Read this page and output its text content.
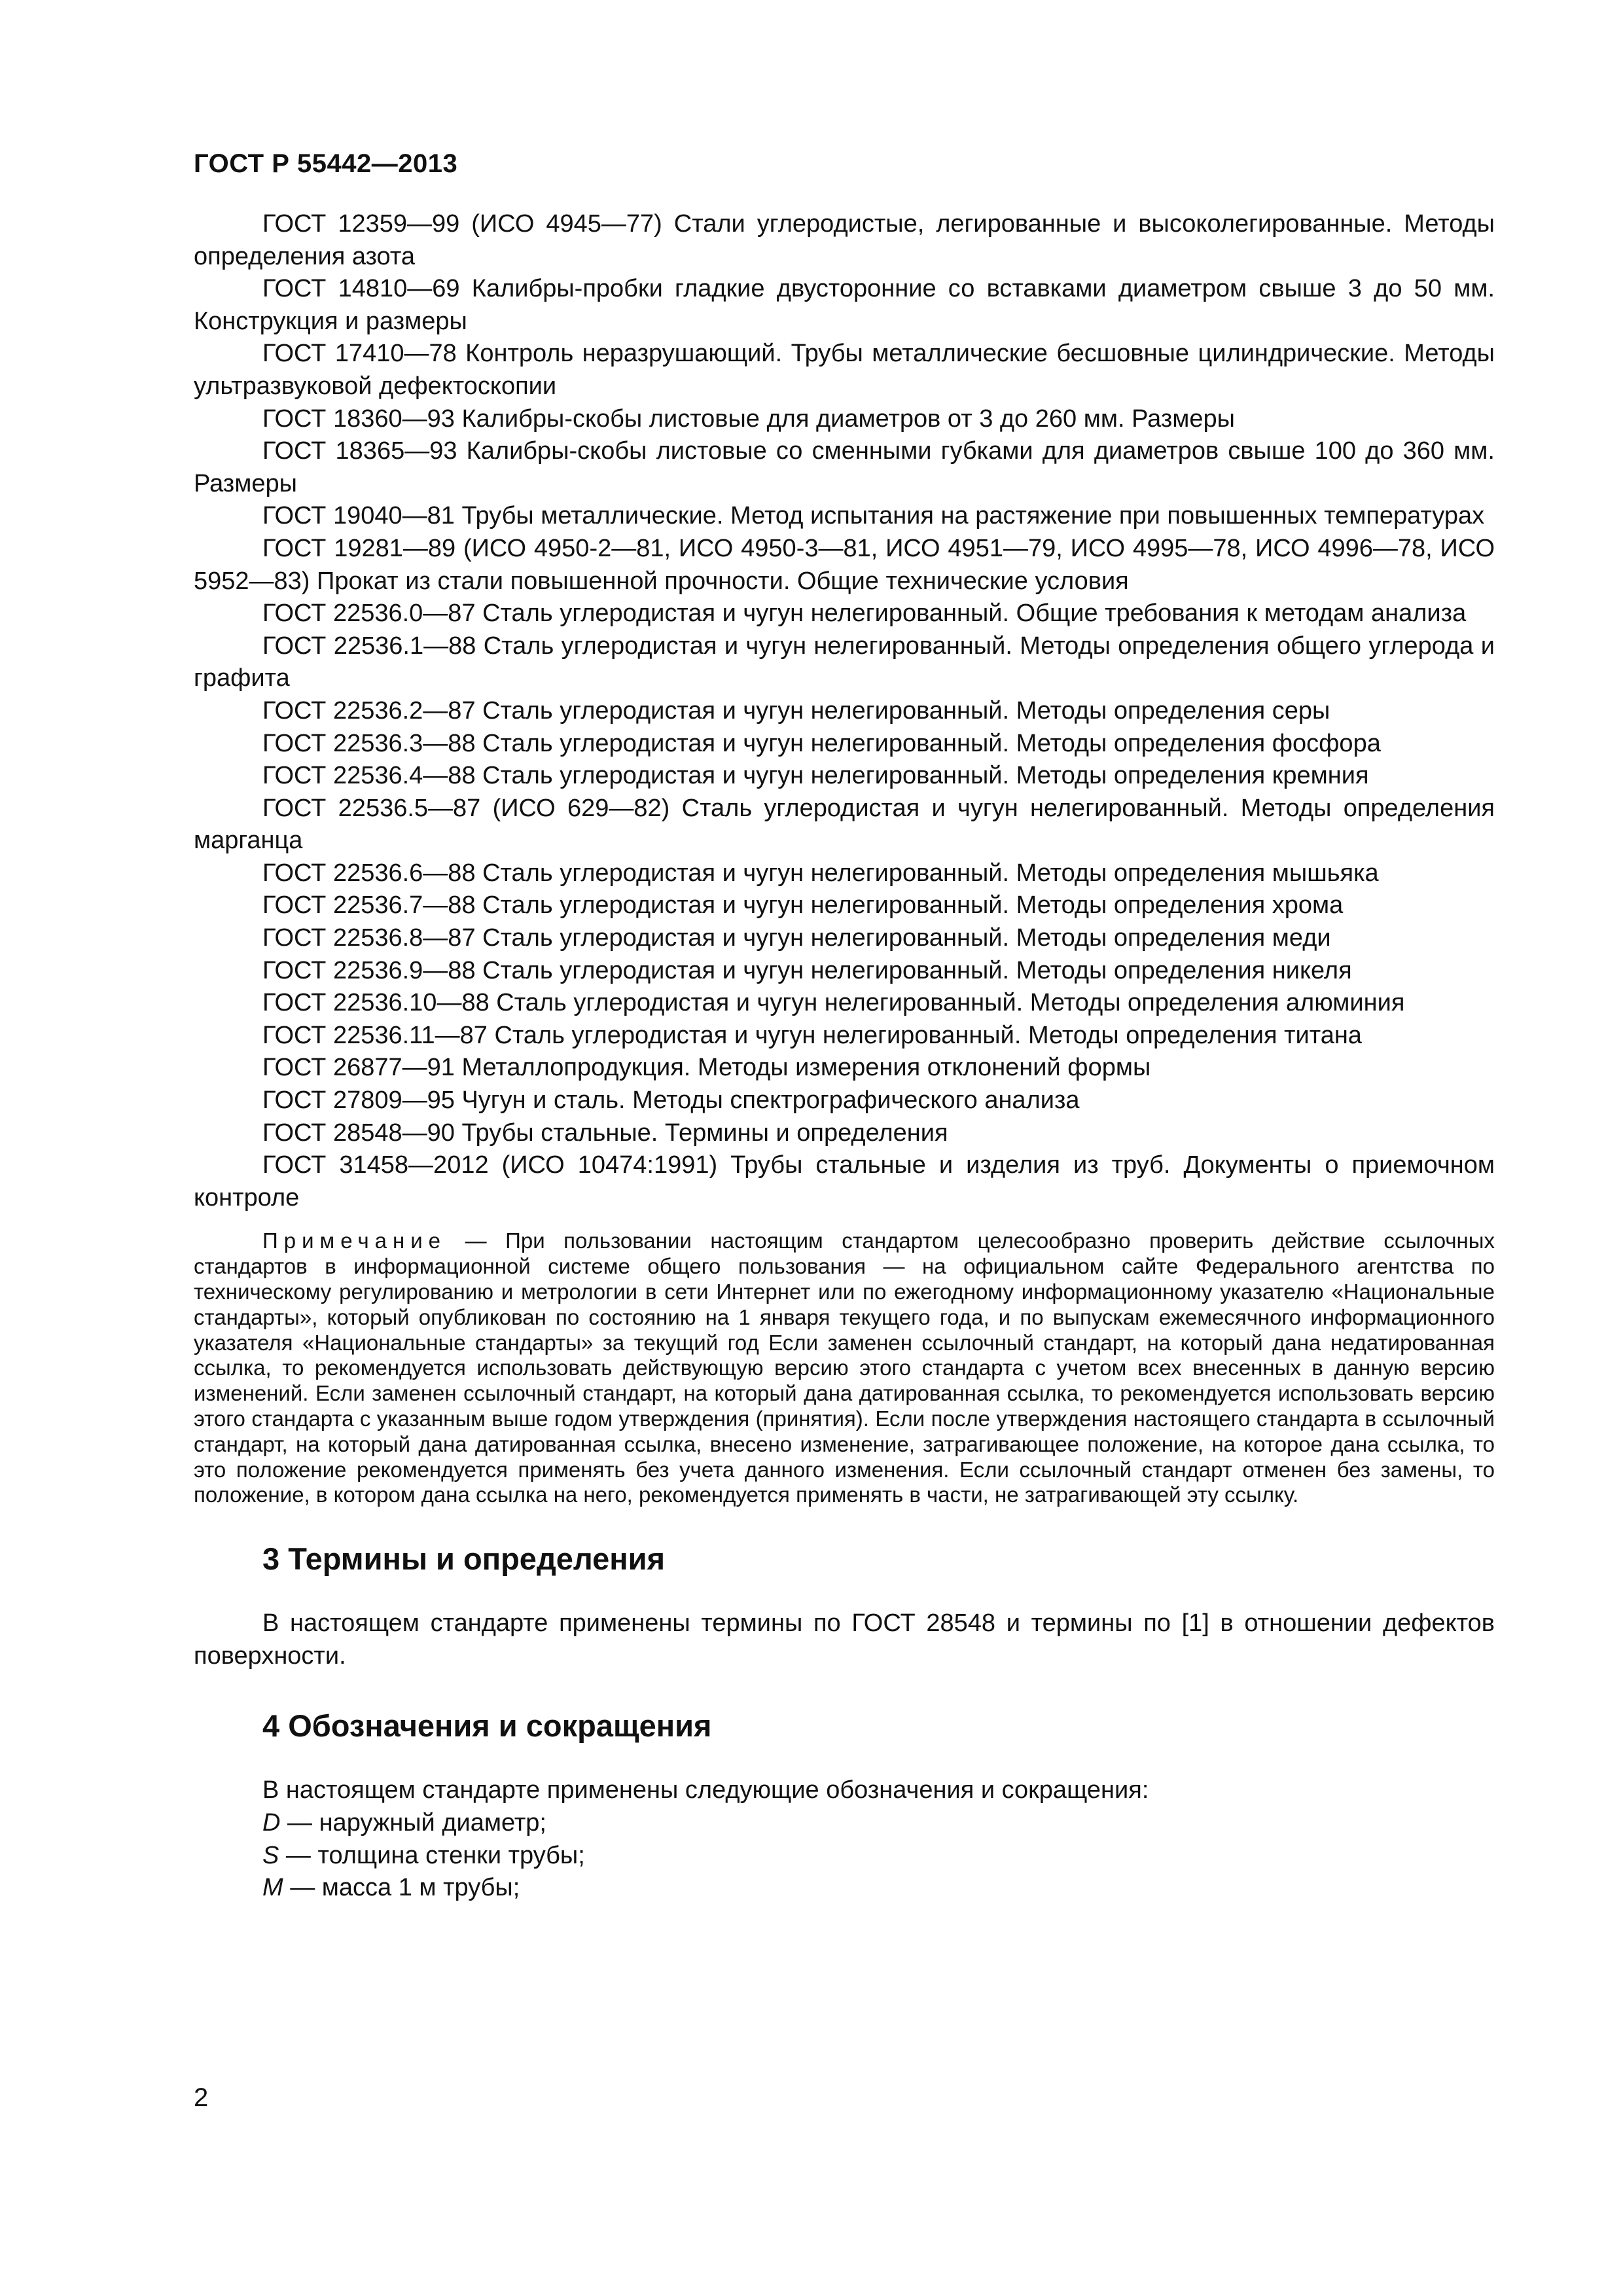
ГОСТ Р 55442—2013

ГОСТ 12359—99 (ИСО 4945—77) Стали углеродистые, легированные и высоколегированные. Методы определения азота

ГОСТ 14810—69 Калибры-пробки гладкие двусторонние со вставками диаметром свыше 3 до 50 мм. Конструкция и размеры

ГОСТ 17410—78 Контроль неразрушающий. Трубы металлические бесшовные цилиндрические. Методы ультразвуковой дефектоскопии

ГОСТ 18360—93 Калибры-скобы листовые для диаметров от 3 до 260 мм. Размеры

ГОСТ 18365—93 Калибры-скобы листовые со сменными губками для диаметров свыше 100 до 360 мм. Размеры

ГОСТ 19040—81 Трубы металлические. Метод испытания на растяжение при повышенных температурах

ГОСТ 19281—89 (ИСО 4950-2—81, ИСО 4950-3—81, ИСО 4951—79, ИСО 4995—78, ИСО 4996—78, ИСО 5952—83) Прокат из стали повышенной прочности. Общие технические условия

ГОСТ 22536.0—87 Сталь углеродистая и чугун нелегированный. Общие требования к методам анализа

ГОСТ 22536.1—88 Сталь углеродистая и чугун нелегированный. Методы определения общего углерода и графита

ГОСТ 22536.2—87 Сталь углеродистая и чугун нелегированный. Методы определения серы

ГОСТ 22536.3—88 Сталь углеродистая и чугун нелегированный. Методы определения фосфора

ГОСТ 22536.4—88 Сталь углеродистая и чугун нелегированный. Методы определения кремния

ГОСТ 22536.5—87 (ИСО 629—82) Сталь углеродистая и чугун нелегированный. Методы определения марганца

ГОСТ 22536.6—88 Сталь углеродистая и чугун нелегированный. Методы определения мышьяка

ГОСТ 22536.7—88 Сталь углеродистая и чугун нелегированный. Методы определения хрома

ГОСТ 22536.8—87 Сталь углеродистая и чугун нелегированный. Методы определения меди

ГОСТ 22536.9—88 Сталь углеродистая и чугун нелегированный. Методы определения никеля

ГОСТ 22536.10—88 Сталь углеродистая и чугун нелегированный. Методы определения алюминия

ГОСТ 22536.11—87 Сталь углеродистая и чугун нелегированный. Методы определения титана

ГОСТ 26877—91 Металлопродукция. Методы измерения отклонений формы

ГОСТ 27809—95 Чугун и сталь. Методы спектрографического анализа

ГОСТ 28548—90 Трубы стальные. Термины и определения

ГОСТ 31458—2012 (ИСО 10474:1991) Трубы стальные и изделия из труб. Документы о приемочном контроле

Примечание — При пользовании настоящим стандартом целесообразно проверить действие ссылочных стандартов в информационной системе общего пользования — на официальном сайте Федерального агентства по техническому регулированию и метрологии в сети Интернет или по ежегодному информационному указателю «Национальные стандарты», который опубликован по состоянию на 1 января текущего года, и по выпускам ежемесячного информационного указателя «Национальные стандарты» за текущий год Если заменен ссылочный стандарт, на который дана недатированная ссылка, то рекомендуется использовать действующую версию этого стандарта с учетом всех внесенных в данную версию изменений. Если заменен ссылочный стандарт, на который дана датированная ссылка, то рекомендуется использовать версию этого стандарта с указанным выше годом утверждения (принятия). Если после утверждения настоящего стандарта в ссылочный стандарт, на который дана датированная ссылка, внесено изменение, затрагивающее положение, на которое дана ссылка, то это положение рекомендуется применять без учета данного изменения. Если ссылочный стандарт отменен без замены, то положение, в котором дана ссылка на него, рекомендуется применять в части, не затрагивающей эту ссылку.

3 Термины и определения

В настоящем стандарте применены термины по ГОСТ 28548 и термины по [1] в отношении дефектов поверхности.

4 Обозначения и сокращения

В настоящем стандарте применены следующие обозначения и сокращения:

D — наружный диаметр;

S — толщина стенки трубы;

M — масса 1 м трубы;

2
